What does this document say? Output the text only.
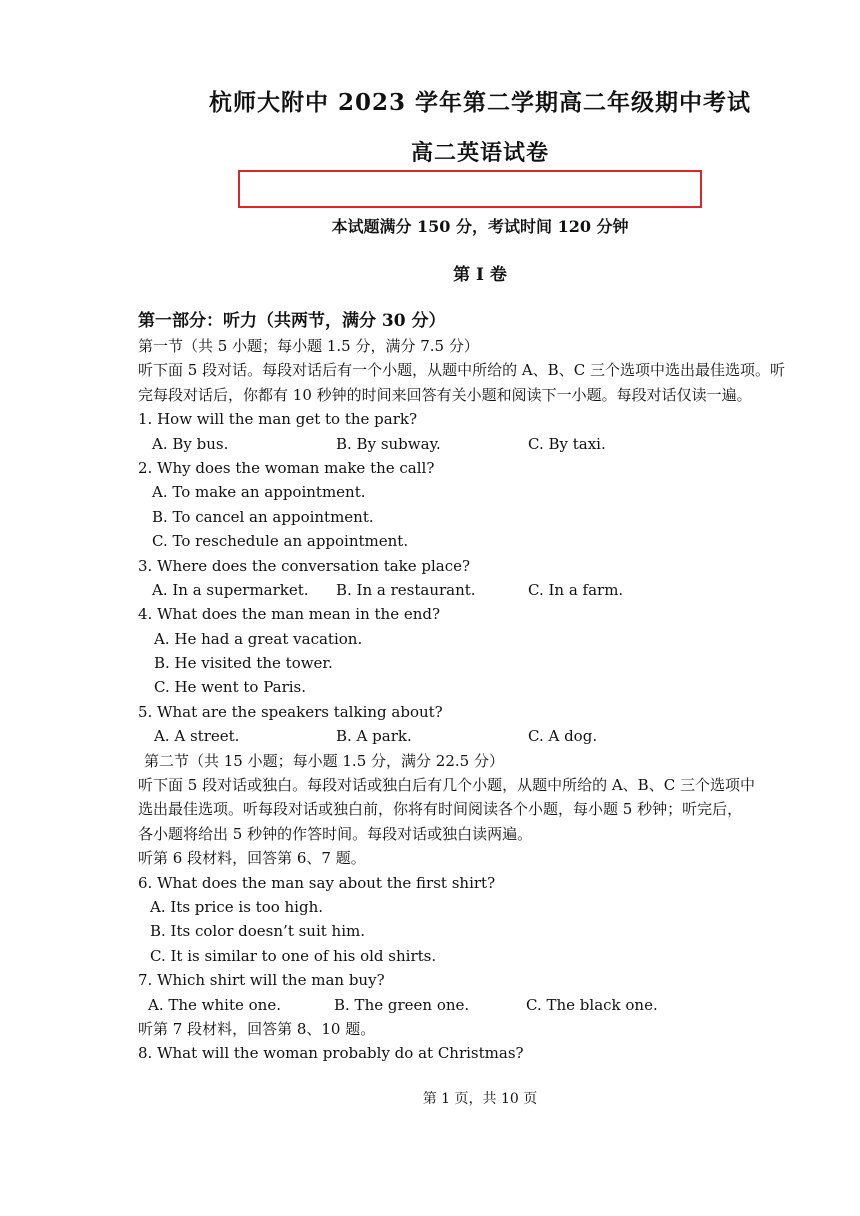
杭师大附中 2023 学年第二学期高二年级期中考试
高二英语试卷
本试题满分 150 分，考试时间 120 分钟
第 I 卷
第一部分：听力（共两节，满分 30 分）
第一节（共 5 小题；每小题 1.5 分，满分 7.5 分）
听下面 5 段对话。每段对话后有一个小题，从题中所给的 A、B、C 三个选项中选出最佳选项。听
完每段对话后，你都有 10 秒钟的时间来回答有关小题和阅读下一小题。每段对话仅读一遍。
1. How will the man get to the park?
A. By bus.	B. By subway.	C. By taxi.
2. Why does the woman make the call?
A. To make an appointment.
B. To cancel an appointment.
C. To reschedule an appointment.
3. Where does the conversation take place?
A. In a supermarket. B. In a restaurant.	C. In a farm.
4. What does the man mean in the end?
A. He had a great vacation.
B. He visited the tower.
C. He went to Paris.
5. What are the speakers talking about?
A. A street.	B. A park.	C. A dog.
第二节（共 15 小题；每小题 1.5 分，满分 22.5 分）
听下面 5 段对话或独白。每段对话或独白后有几个小题，从题中所给的 A、B、C 三个选项中
选出最佳选项。听每段对话或独白前，你将有时间阅读各个小题，每小题 5 秒钟；听完后，
各小题将给出 5 秒钟的作答时间。每段对话或独白读两遍。
听第 6 段材料，回答第 6、7 题。
6. What does the man say about the first shirt?
A. Its price is too high.
B. Its color doesn’t suit him.
C. It is similar to one of his old shirts.
7. Which shirt will the man buy?
A. The white one.	B. The green one.	C. The black one.
听第 7 段材料，回答第 8、10 题。
8. What will the woman probably do at Christmas?
第 1 页，共 10 页
